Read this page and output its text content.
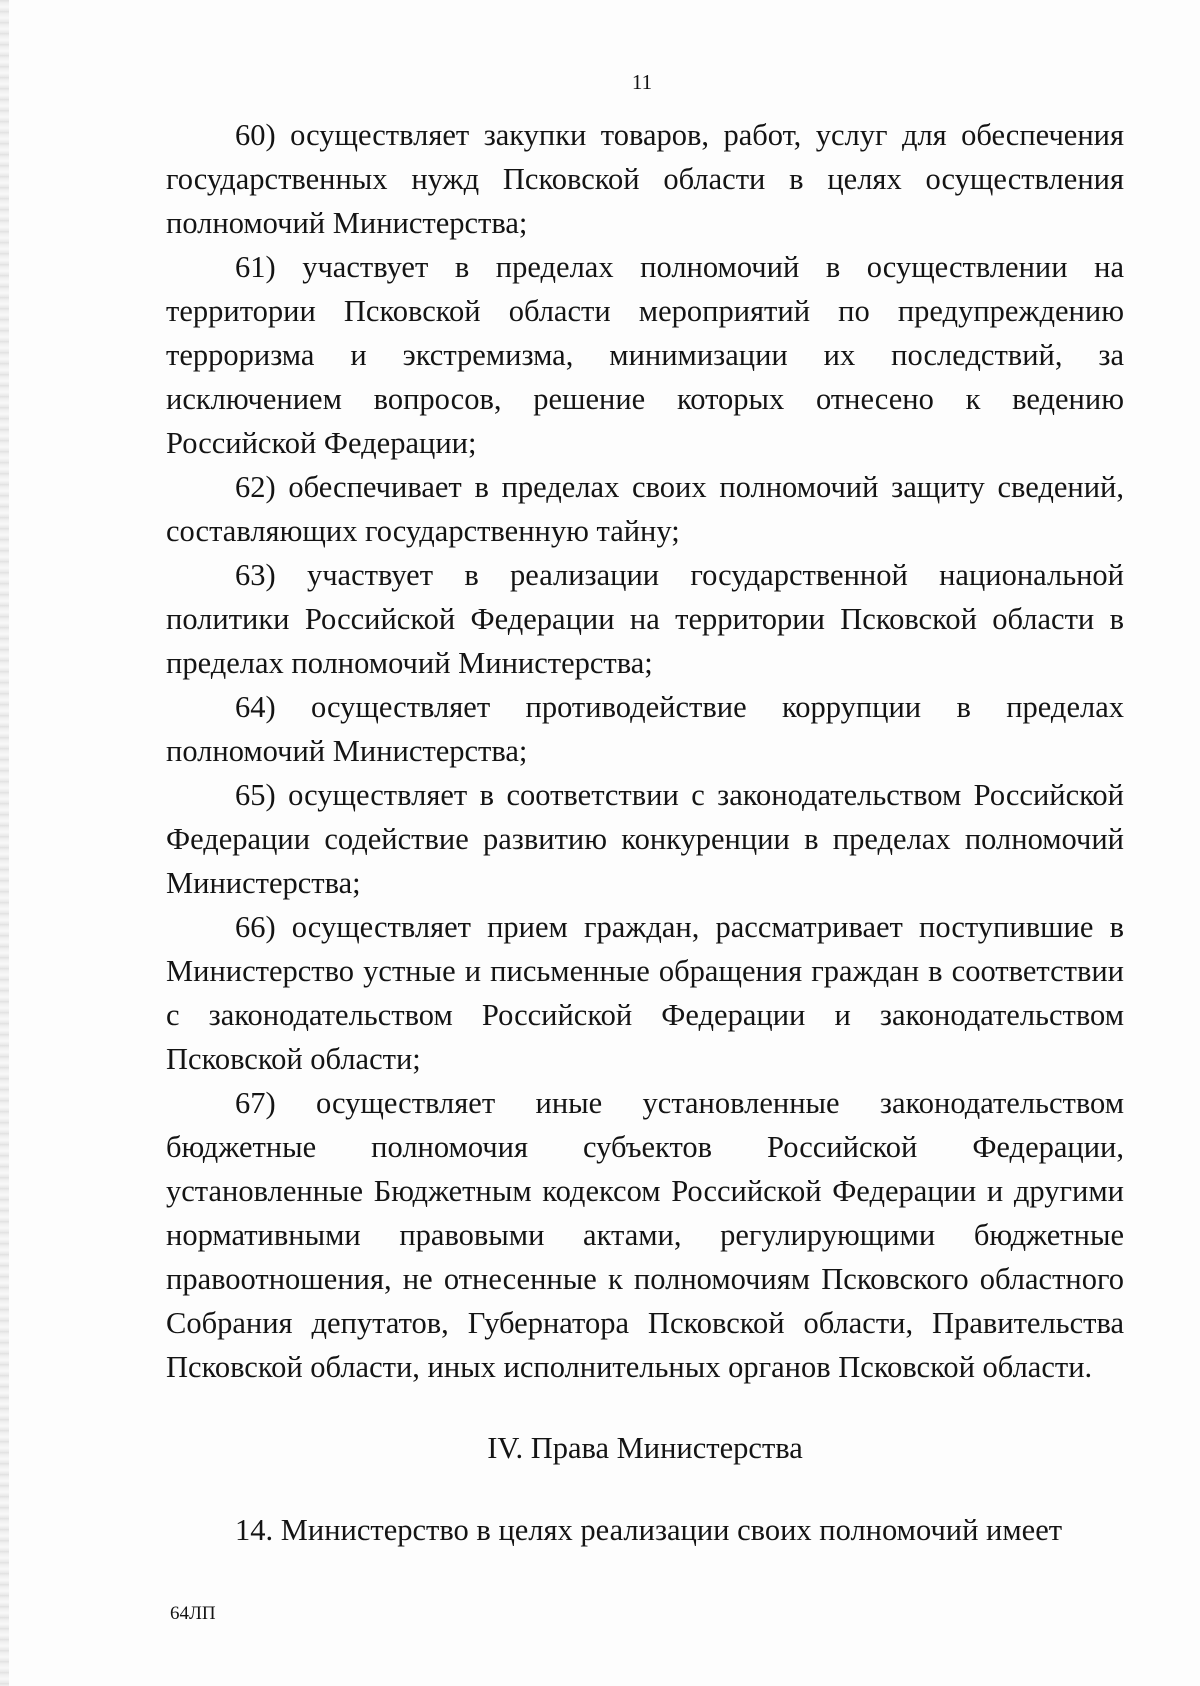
11

60) осуществляет закупки товаров, работ, услуг для обеспечения государственных нужд Псковской области в целях осуществления полномочий Министерства;

61) участвует в пределах полномочий в осуществлении на территории Псковской области мероприятий по предупреждению терроризма и экстремизма, минимизации их последствий, за исключением вопросов, решение которых отнесено к ведению Российской Федерации;

62) обеспечивает в пределах своих полномочий защиту сведений, составляющих государственную тайну;

63) участвует в реализации государственной национальной политики Российской Федерации на территории Псковской области в пределах полномочий Министерства;

64) осуществляет противодействие коррупции в пределах полномочий Министерства;

65) осуществляет в соответствии с законодательством Российской Федерации содействие развитию конкуренции в пределах полномочий Министерства;

66) осуществляет прием граждан, рассматривает поступившие в Министерство устные и письменные обращения граждан в соответствии с законодательством Российской Федерации и законодательством Псковской области;

67) осуществляет иные установленные законодательством бюджетные полномочия субъектов Российской Федерации, установленные Бюджетным кодексом Российской Федерации и другими нормативными правовыми актами, регулирующими бюджетные правоотношения, не отнесенные к полномочиям Псковского областного Собрания депутатов, Губернатора Псковской области, Правительства Псковской области, иных исполнительных органов Псковской области.

IV. Права Министерства

14. Министерство в целях реализации своих полномочий имеет

64ЛП
